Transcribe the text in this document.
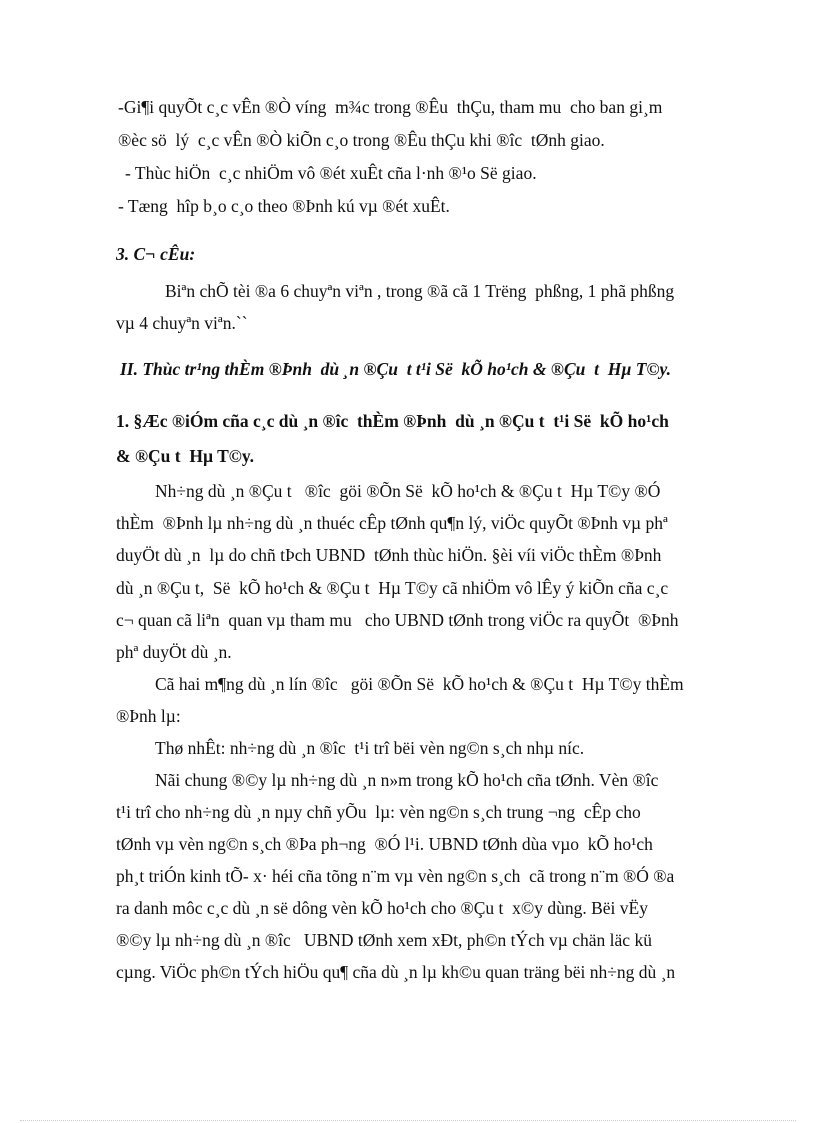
-Gi¶i quyÕt c¸c vÊn ®Ò víng  m¾c trong ®Êu  thÇu, tham mu  cho ban gi¸m

®èc sö  lý  c¸c vÊn ®Ò kiÕn c¸o trong ®Êu thÇu khi ®îc  tØnh giao.

- Thùc hiÖn  c¸c nhiÖm vô ®ét xuÊt cña l·nh ®¹o Së giao.

- Tæng  hîp b¸o c¸o theo ®Þnh kú vµ ®ét xuÊt.

3. C¬ cÊu:

Biªn chÕ tèi ®a 6 chuyªn viªn , trong ®ã cã 1 Trëng  phßng, 1 phã phßng

vµ 4 chuyªn viªn.``

II. Thùc tr¹ng thÈm ®Þnh  dù ¸n ®Çu  t t¹i Së  kÕ ho¹ch & ®Çu  t  Hµ T©y.

1. §Æc ®iÓm cña c¸c dù ¸n ®îc  thÈm ®Þnh  dù ¸n ®Çu t  t¹i Së  kÕ ho¹ch

& ®Çu t  Hµ T©y.

Nh÷ng dù ¸n ®Çu t   ®îc  göi ®Õn Së  kÕ ho¹ch & ®Çu t  Hµ T©y ®Ó

thÈm  ®Þnh lµ nh÷ng dù ¸n thuéc cÊp tØnh qu¶n lý, viÖc quyÕt ®Þnh vµ phª

duyÖt dù ¸n  lµ do chñ tÞch UBND  tØnh thùc hiÖn. §èi víi viÖc thÈm ®Þnh

dù ¸n ®Çu t,  Së  kÕ ho¹ch & ®Çu t  Hµ T©y cã nhiÖm vô lÊy ý kiÕn cña c¸c

c¬ quan cã liªn  quan vµ tham mu   cho UBND tØnh trong viÖc ra quyÕt  ®Þnh

phª duyÖt dù ¸n.

Cã hai m¶ng dù ¸n lín ®îc   göi ®Õn Së  kÕ ho¹ch & ®Çu t  Hµ T©y thÈm

®Þnh lµ:

Thø nhÊt: nh÷ng dù ¸n ®îc  t¹i trî bëi vèn ng©n s¸ch nhµ níc.

Nãi chung ®©y lµ nh÷ng dù ¸n n»m trong kÕ ho¹ch cña tØnh. Vèn ®îc

t¹i trî cho nh÷ng dù ¸n nµy chñ yÕu  lµ: vèn ng©n s¸ch trung ¬ng  cÊp cho

tØnh vµ vèn ng©n s¸ch ®Þa ph¬ng  ®Ó l¹i. UBND tØnh dùa vµo  kÕ ho¹ch

ph¸t triÓn kinh tÕ- x· héi cña tõng n¨m vµ vèn ng©n s¸ch  cã trong n¨m ®Ó ®a

ra danh môc c¸c dù ¸n së dông vèn kÕ ho¹ch cho ®Çu t  x©y dùng. Bëi vËy

®©y lµ nh÷ng dù ¸n ®îc   UBND tØnh xem xÐt, ph©n tÝch vµ chän läc kü

cµng. ViÖc ph©n tÝch hiÖu qu¶ cña dù ¸n lµ kh©u quan träng bëi nh÷ng dù ¸n
